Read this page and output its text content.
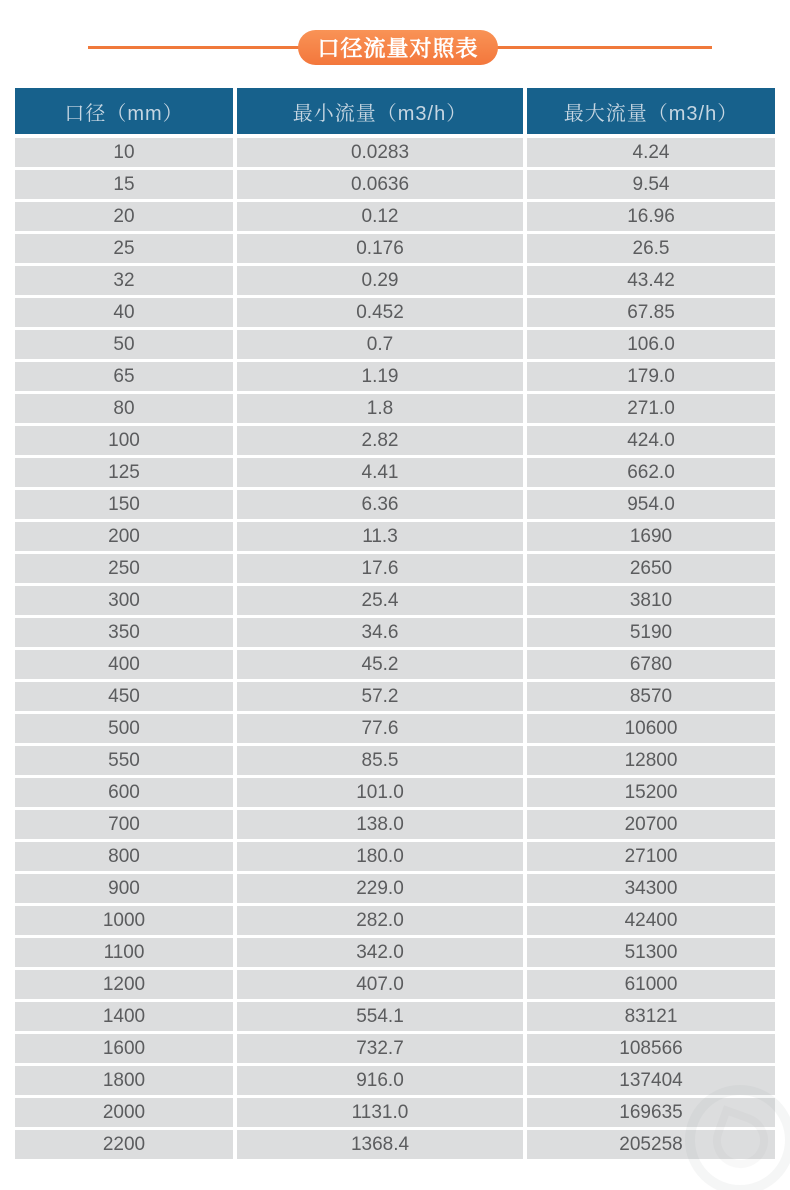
口径流量对照表
口径（mm）	最小流量（m3/h）	最大流量（m3/h）
10	0.0283	4.24
15	0.0636	9.54
20	0.12	16.96
25	0.176	26.5
32	0.29	43.42
40	0.452	67.85
50	0.7	106.0
65	1.19	179.0
80	1.8	271.0
100	2.82	424.0
125	4.41	662.0
150	6.36	954.0
200	11.3	1690
250	17.6	2650
300	25.4	3810
350	34.6	5190
400	45.2	6780
450	57.2	8570
500	77.6	10600
550	85.5	12800
600	101.0	15200
700	138.0	20700
800	180.0	27100
900	229.0	34300
1000	282.0	42400
1100	342.0	51300
1200	407.0	61000
1400	554.1	83121
1600	732.7	108566
1800	916.0	137404
2000	1131.0	169635
2200	1368.4	205258
